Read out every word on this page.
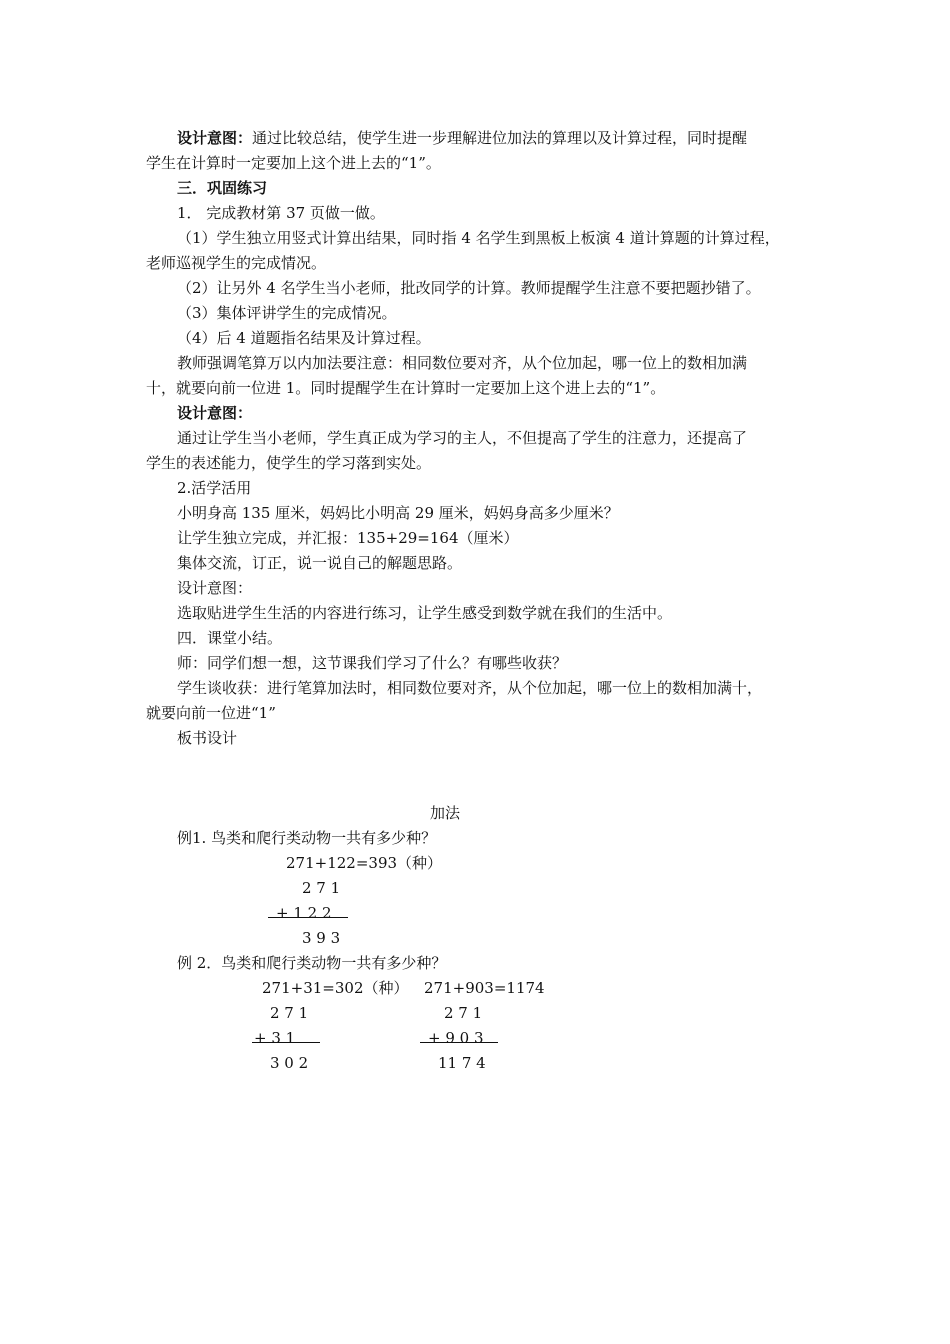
设计意图：通过比较总结，使学生进一步理解进位加法的算理以及计算过程，同时提醒
学生在计算时一定要加上这个进上去的“1”。
三．巩固练习
1． 完成教材第 37 页做一做。
（1）学生独立用竖式计算出结果，同时指 4 名学生到黑板上板演 4 道计算题的计算过程，
老师巡视学生的完成情况。
（2）让另外 4 名学生当小老师，批改同学的计算。教师提醒学生注意不要把题抄错了。
（3）集体评讲学生的完成情况。
（4）后 4 道题指名结果及计算过程。
教师强调笔算万以内加法要注意：相同数位要对齐，从个位加起，哪一位上的数相加满
十，就要向前一位进 1。同时提醒学生在计算时一定要加上这个进上去的“1”。
设计意图：
通过让学生当小老师，学生真正成为学习的主人，不但提高了学生的注意力，还提高了
学生的表述能力，使学生的学习落到实处。
2.活学活用
小明身高 135 厘米，妈妈比小明高 29 厘米，妈妈身高多少厘米？
让学生独立完成，并汇报：135+29=164（厘米）
集体交流，订正，说一说自己的解题思路。
设计意图：
选取贴进学生生活的内容进行练习，让学生感受到数学就在我们的生活中。
四．课堂小结。
师：同学们想一想，这节课我们学习了什么？有哪些收获？
学生谈收获：进行笔算加法时，相同数位要对齐，从个位加起，哪一位上的数相加满十，
就要向前一位进“1”
板书设计
加法
例1. 鸟类和爬行类动物一共有多少种？
271+122=393（种）
2 7 1
+ 1 2 2
3 9 3
例 2．鸟类和爬行类动物一共有多少种？
271+31=302（种）
2 7 1
+ 3 1
3 0 2
271+903=1174
2 7 1
+ 9 0 3
11 7 4
